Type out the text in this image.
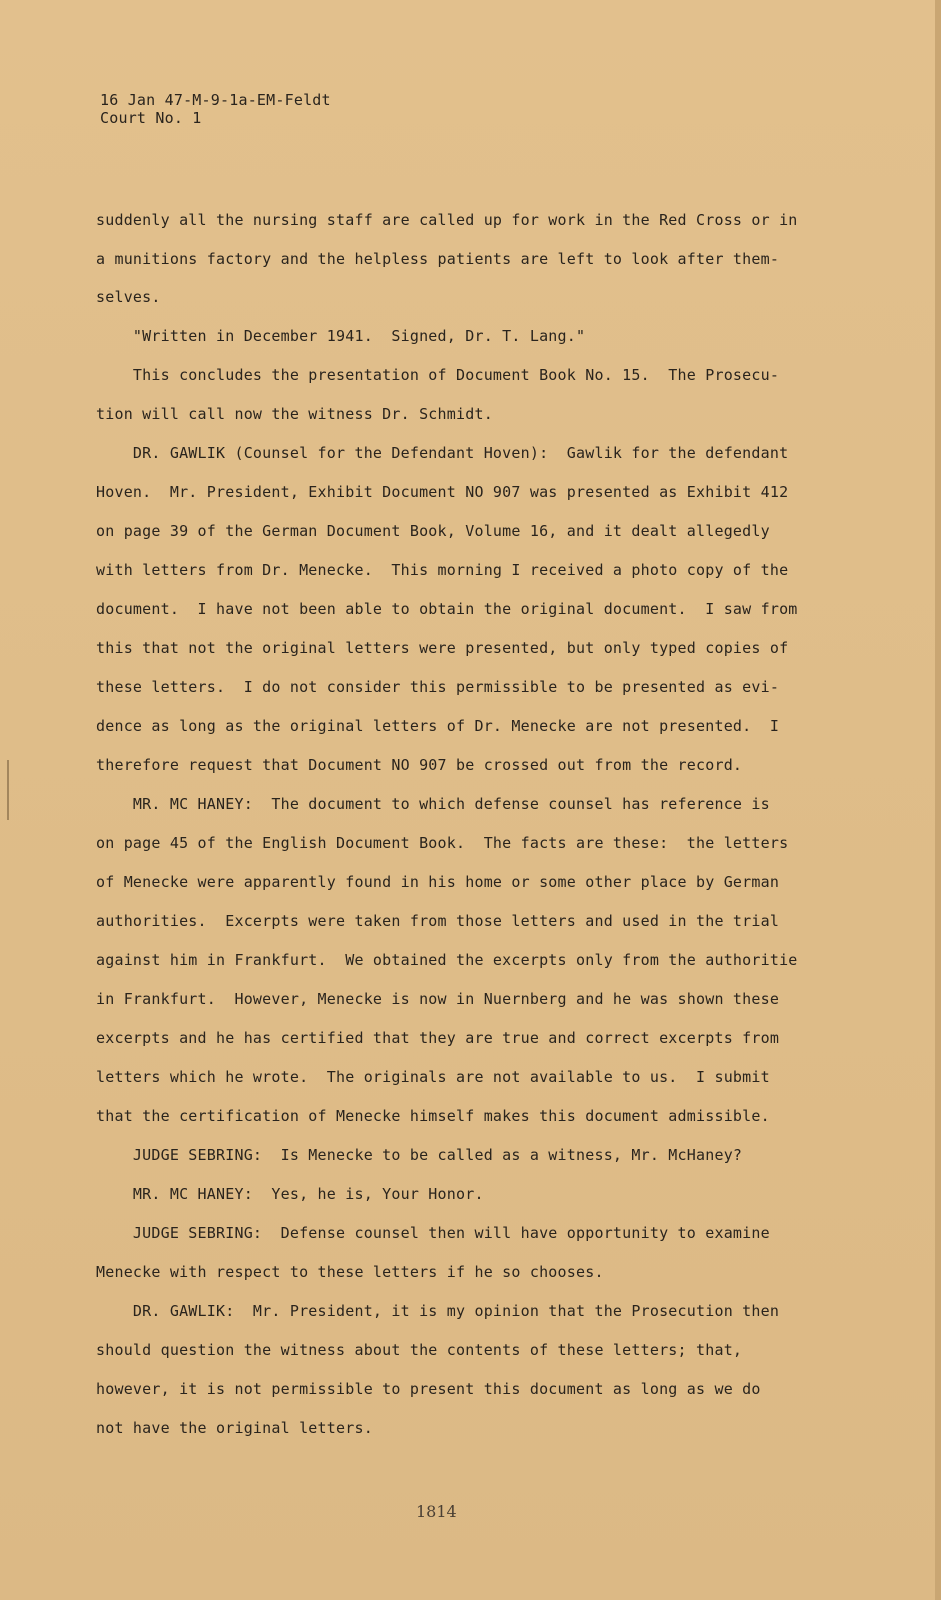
16 Jan 47-M-9-1a-EM-Feldt

Court No. 1

suddenly all the nursing staff are called up for work in the Red Cross or in

a munitions factory and the helpless patients are left to look after them-

selves.

"Written in December 1941.  Signed, Dr. T. Lang."

This concludes the presentation of Document Book No. 15.  The Prosecu-

tion will call now the witness Dr. Schmidt.

DR. GAWLIK (Counsel for the Defendant Hoven):  Gawlik for the defendant

Hoven.  Mr. President, Exhibit Document NO 907 was presented as Exhibit 412

on page 39 of the German Document Book, Volume 16, and it dealt allegedly

with letters from Dr. Menecke.  This morning I received a photo copy of the

document.  I have not been able to obtain the original document.  I saw from

this that not the original letters were presented, but only typed copies of

these letters.  I do not consider this permissible to be presented as evi-

dence as long as the original letters of Dr. Menecke are not presented.  I

therefore request that Document NO 907 be crossed out from the record.

MR. MC HANEY:  The document to which defense counsel has reference is

on page 45 of the English Document Book.  The facts are these:  the letters

of Menecke were apparently found in his home or some other place by German

authorities.  Excerpts were taken from those letters and used in the trial

against him in Frankfurt.  We obtained the excerpts only from the authoritie

in Frankfurt.  However, Menecke is now in Nuernberg and he was shown these

excerpts and he has certified that they are true and correct excerpts from

letters which he wrote.  The originals are not available to us.  I submit

that the certification of Menecke himself makes this document admissible.

JUDGE SEBRING:  Is Menecke to be called as a witness, Mr. McHaney?

MR. MC HANEY:  Yes, he is, Your Honor.

JUDGE SEBRING:  Defense counsel then will have opportunity to examine

Menecke with respect to these letters if he so chooses.

DR. GAWLIK:  Mr. President, it is my opinion that the Prosecution then

should question the witness about the contents of these letters; that,

however, it is not permissible to present this document as long as we do

not have the original letters.

1814
